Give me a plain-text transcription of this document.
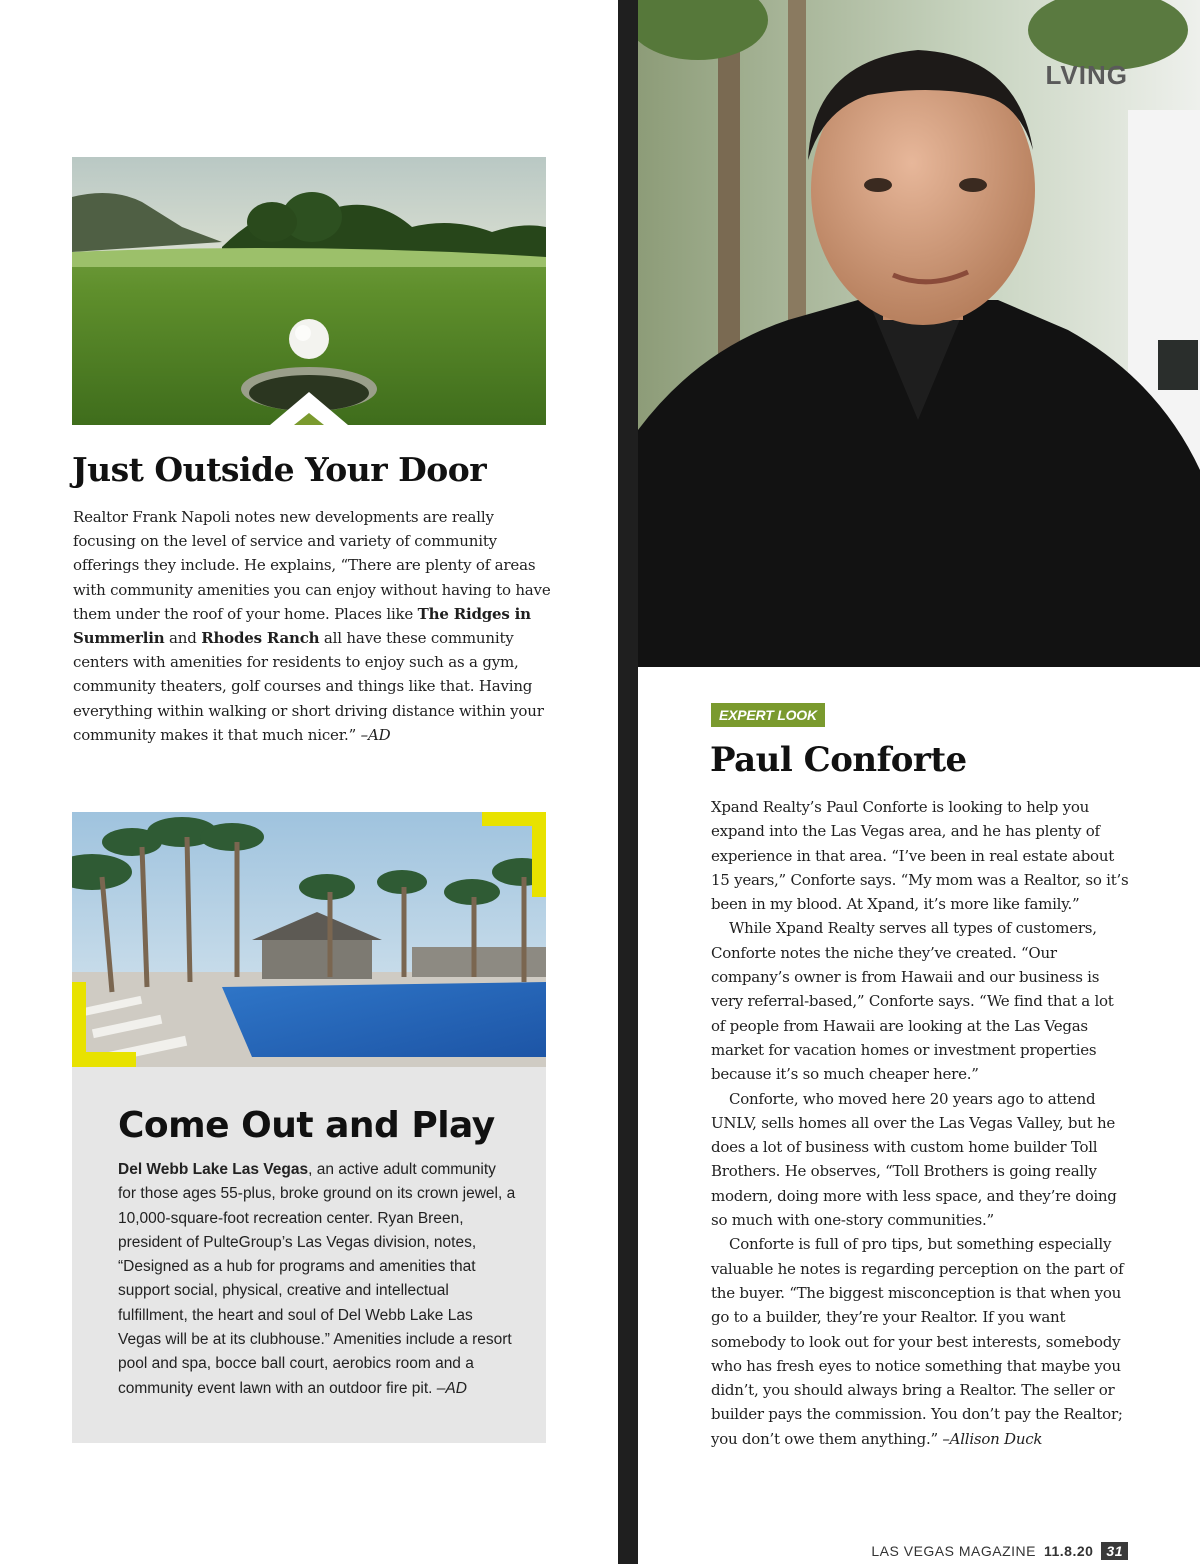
Just Outside Your Door
Realtor Frank Napoli notes new developments are really focusing on the level of service and variety of community offerings they include. He explains, “There are plenty of areas with community amenities you can enjoy without having to have them under the roof of your home. Places like The Ridges in Summerlin and Rhodes Ranch all have these community centers with amenities for residents to enjoy such as a gym, community theaters, golf courses and things like that. Having everything within walking or short driving distance within your community makes it that much nicer.” –AD
Come Out and Play
Del Webb Lake Las Vegas, an active adult community for those ages 55-plus, broke ground on its crown jewel, a 10,000-square-foot recreation center. Ryan Breen, president of PulteGroup’s Las Vegas division, notes, “Designed as a hub for programs and amenities that support social, physical, creative and intellectual fulfillment, the heart and soul of Del Webb Lake Las Vegas will be at its clubhouse.” Amenities include a resort pool and spa, bocce ball court, aerobics room and a community event lawn with an outdoor fire pit. –AD
LVING
EXPERT LOOK
Paul Conforte

Xpand Realty’s Paul Conforte is looking to help you expand into the Las Vegas area, and he has plenty of experience in that area. “I’ve been in real estate about 15 years,” Conforte says. “My mom was a Realtor, so it’s been in my blood. At Xpand, it’s more like family.”

While Xpand Realty serves all types of customers, Conforte notes the niche they’ve created. “Our company’s owner is from Hawaii and our business is very referral-based,” Conforte says. “We find that a lot of people from Hawaii are looking at the Las Vegas market for vacation homes or investment properties because it’s so much cheaper here.”

Conforte, who moved here 20 years ago to attend UNLV, sells homes all over the Las Vegas Valley, but he does a lot of business with custom home builder Toll Brothers. He observes, “Toll Brothers is going really modern, doing more with less space, and they’re doing so much with one-story communities.”

Conforte is full of pro tips, but something especially valuable he notes is regarding perception on the part of the buyer. “The biggest misconception is that when you go to a builder, they’re your Realtor. If you want somebody to look out for your best interests, somebody who has fresh eyes to notice something that maybe you didn’t, you should always bring a Realtor. The seller or builder pays the commission. You don’t pay the Realtor; you don’t owe them anything.” –Allison Duck

LAS VEGAS MAGAZINE 11.8.20 31
